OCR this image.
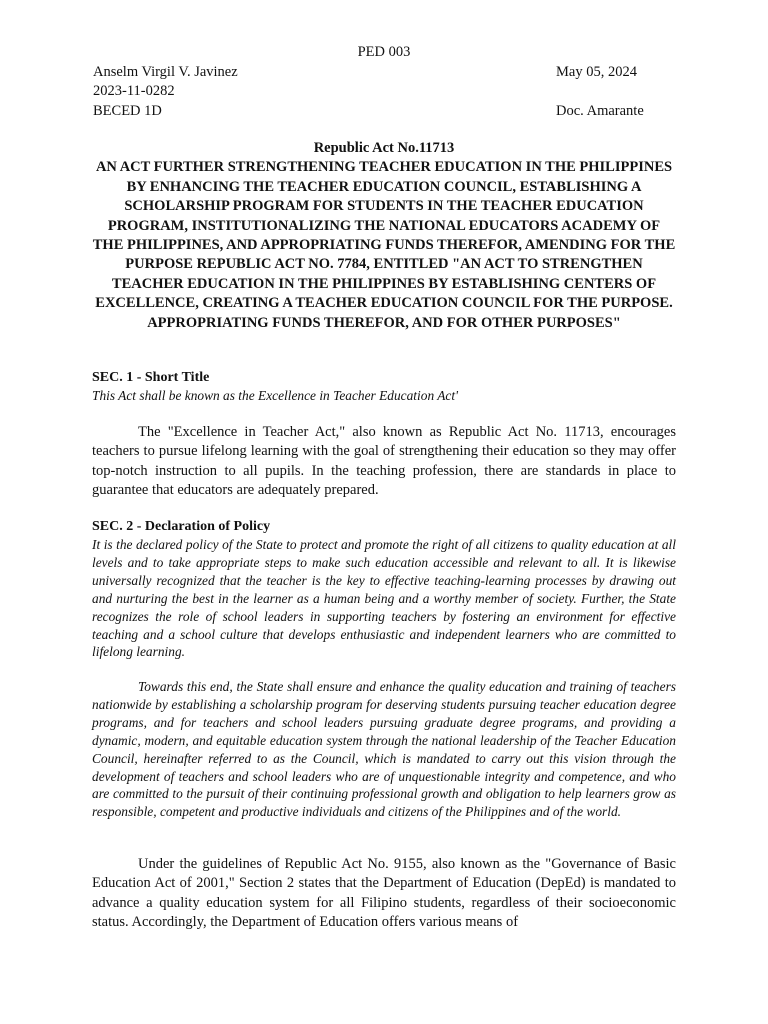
PED 003
Anselm Virgil V. Javinez
2023-11-0282
BECED 1D
May 05, 2024
Doc. Amarante
Republic Act No.11713
AN ACT FURTHER STRENGTHENING TEACHER EDUCATION IN THE PHILIPPINES BY ENHANCING THE TEACHER EDUCATION COUNCIL, ESTABLISHING A SCHOLARSHIP PROGRAM FOR STUDENTS IN THE TEACHER EDUCATION PROGRAM, INSTITUTIONALIZING THE NATIONAL EDUCATORS ACADEMY OF THE PHILIPPINES, AND APPROPRIATING FUNDS THEREFOR, AMENDING FOR THE PURPOSE REPUBLIC ACT NO. 7784, ENTITLED "AN ACT TO STRENGTHEN TEACHER EDUCATION IN THE PHILIPPINES BY ESTABLISHING CENTERS OF EXCELLENCE, CREATING A TEACHER EDUCATION COUNCIL FOR THE PURPOSE. APPROPRIATING FUNDS THEREFOR, AND FOR OTHER PURPOSES"
SEC. 1 - Short Title
This Act shall be known as the Excellence in Teacher Education Act'
The "Excellence in Teacher Act," also known as Republic Act No. 11713, encourages teachers to pursue lifelong learning with the goal of strengthening their education so they may offer top-notch instruction to all pupils. In the teaching profession, there are standards in place to guarantee that educators are adequately prepared.
SEC. 2 - Declaration of Policy
It is the declared policy of the State to protect and promote the right of all citizens to quality education at all levels and to take appropriate steps to make such education accessible and relevant to all. It is likewise universally recognized that the teacher is the key to effective teaching-learning processes by drawing out and nurturing the best in the learner as a human being and a worthy member of society. Further, the State recognizes the role of school leaders in supporting teachers by fostering an environment for effective teaching and a school culture that develops enthusiastic and independent learners who are committed to lifelong learning.
Towards this end, the State shall ensure and enhance the quality education and training of teachers nationwide by establishing a scholarship program for deserving students pursuing teacher education degree programs, and for teachers and school leaders pursuing graduate degree programs, and providing a dynamic, modern, and equitable education system through the national leadership of the Teacher Education Council, hereinafter referred to as the Council, which is mandated to carry out this vision through the development of teachers and school leaders who are of unquestionable integrity and competence, and who are committed to the pursuit of their continuing professional growth and obligation to help learners grow as responsible, competent and productive individuals and citizens of the Philippines and of the world.
Under the guidelines of Republic Act No. 9155, also known as the "Governance of Basic Education Act of 2001," Section 2 states that the Department of Education (DepEd) is mandated to advance a quality education system for all Filipino students, regardless of their socioeconomic status. Accordingly, the Department of Education offers various means of
